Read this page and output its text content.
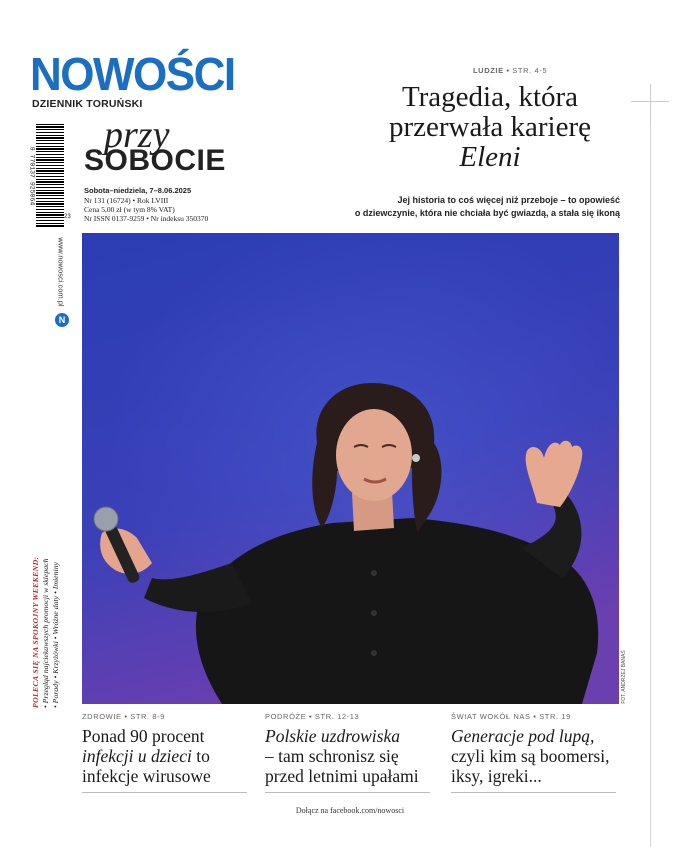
NOWOŚCI
DZIENNIK TORUŃSKI
przy
SOBOCIE
Sobota–niedziela, 7–8.06.2025
Nr 131 (16724) • Rok LVIII
Cena 5,00 zł (w tym 8% VAT)
Nr ISSN 0137-9259 • Nr indeksu 350370
9 770137 925064
23
www.nowosci.com.pl
N
POLECA SIĘ NA SPOKOJNY WEEKEND: • Przegląd najciekawszych promocji w sklepach • Porady • Krzyżówki • Wróżne daty • Imieniny
LUDZIE • STR. 4-5
Tragedia, która
przerwała karierę
Eleni
Jej historia to coś więcej niż przeboje – to opowieść
o dziewczynie, która nie chciała być gwiazdą, a stała się ikoną
FOT. ANDRZEJ BANAŚ
ZDROWIE • STR. 8-9
Ponad 90 procent
infekcji u dzieci to
infekcje wirusowe
PODRÓŻE • STR. 12-13
Polskie uzdrowiska
– tam schronisz się
przed letnimi upałami
ŚWIAT WOKÓŁ NAS • STR. 19
Generacje pod lupą,
czyli kim są boomersi,
iksy, igreki...
Dołącz na facebook.com/nowosci
